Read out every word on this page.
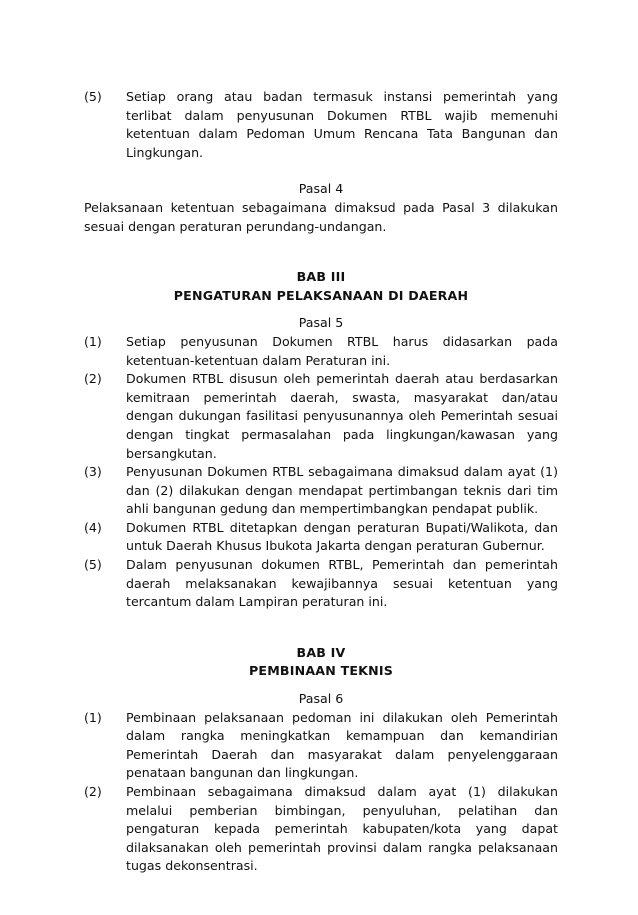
(5)	Setiap orang atau badan termasuk instansi pemerintah yang terlibat dalam penyusunan Dokumen RTBL wajib memenuhi ketentuan dalam Pedoman Umum Rencana Tata Bangunan dan Lingkungan.
Pasal 4
Pelaksanaan ketentuan sebagaimana dimaksud pada Pasal 3 dilakukan sesuai dengan peraturan perundang-undangan.
BAB III
PENGATURAN PELAKSANAAN DI DAERAH
Pasal 5
(1)	Setiap penyusunan Dokumen RTBL harus didasarkan pada ketentuan-ketentuan dalam Peraturan ini.
(2)	Dokumen RTBL disusun oleh pemerintah daerah atau berdasarkan kemitraan pemerintah daerah, swasta, masyarakat dan/atau dengan dukungan fasilitasi penyusunannya oleh Pemerintah sesuai dengan tingkat permasalahan pada lingkungan/kawasan yang bersangkutan.
(3)	Penyusunan Dokumen RTBL sebagaimana dimaksud dalam ayat (1) dan (2) dilakukan dengan mendapat pertimbangan teknis dari tim ahli bangunan gedung dan mempertimbangkan pendapat publik.
(4)	Dokumen RTBL ditetapkan dengan peraturan Bupati/Walikota, dan untuk Daerah Khusus Ibukota Jakarta dengan peraturan Gubernur.
(5)	Dalam penyusunan dokumen RTBL, Pemerintah dan pemerintah daerah melaksanakan kewajibannya sesuai ketentuan yang tercantum dalam Lampiran peraturan ini.
BAB IV
PEMBINAAN TEKNIS
Pasal 6
(1)	Pembinaan pelaksanaan pedoman ini dilakukan oleh Pemerintah dalam rangka meningkatkan kemampuan dan kemandirian Pemerintah Daerah dan masyarakat dalam penyelenggaraan penataan bangunan dan lingkungan.
(2)	Pembinaan sebagaimana dimaksud dalam ayat (1) dilakukan melalui pemberian bimbingan, penyuluhan, pelatihan dan pengaturan kepada pemerintah kabupaten/kota yang dapat dilaksanakan oleh pemerintah provinsi dalam rangka pelaksanaan tugas dekonsentrasi.
